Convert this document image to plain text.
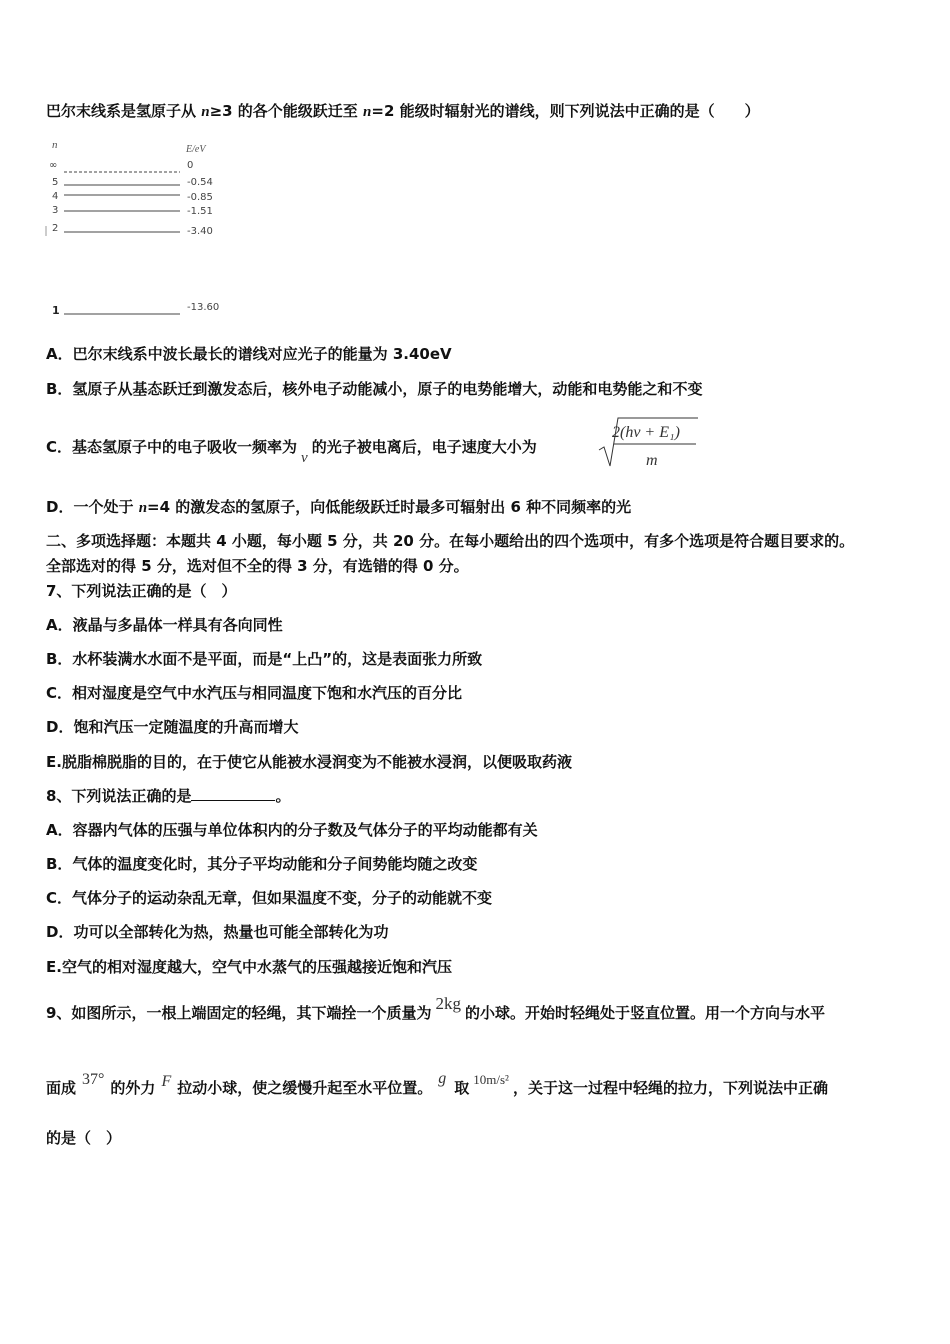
巴尔末线系是氢原子从 n≥3 的各个能级跃迁至 n=2 能级时辐射光的谱线，则下列说法中正确的是（　　）
n	E/eV
∞	0
5	-0.54
4	-0.85
3	-1.51
2	-3.40
1	-13.60
A．巴尔末线系中波长最长的谱线对应光子的能量为 3.40eV
B．氢原子从基态跃迁到激发态后，核外电子动能减小，原子的电势能增大，动能和电势能之和不变
C．基态氢原子中的电子吸收一频率为ν的光子被电离后，电子速度大小为
2(hν + E₁)
m
D．一个处于 n=4 的激发态的氢原子，向低能级跃迁时最多可辐射出 6 种不同频率的光
二、多项选择题：本题共 4 小题，每小题 5 分，共 20 分。在每小题给出的四个选项中，有多个选项是符合题目要求的。
全部选对的得 5 分，选对但不全的得 3 分，有选错的得 0 分。
7、下列说法正确的是（　）
A．液晶与多晶体一样具有各向同性
B．水杯装满水水面不是平面，而是“上凸”的，这是表面张力所致
C．相对湿度是空气中水汽压与相同温度下饱和水汽压的百分比
D．饱和汽压一定随温度的升高而增大
E.脱脂棉脱脂的目的，在于使它从能被水浸润变为不能被水浸润，以便吸取药液
8、下列说法正确的是	。
A．容器内气体的压强与单位体积内的分子数及气体分子的平均动能都有关
B．气体的温度变化时，其分子平均动能和分子间势能均随之改变
C．气体分子的运动杂乱无章，但如果温度不变，分子的动能就不变
D．功可以全部转化为热，热量也可能全部转化为功
E.空气的相对湿度越大，空气中水蒸气的压强越接近饱和汽压
9、如图所示，一根上端固定的轻绳，其下端拴一个质量为 2kg 的小球。开始时轻绳处于竖直位置。用一个方向与水平
面成 37° 的外力 F 拉动小球，使之缓慢升起至水平位置。g取 10m/s² ，关于这一过程中轻绳的拉力，下列说法中正确
的是（　）
